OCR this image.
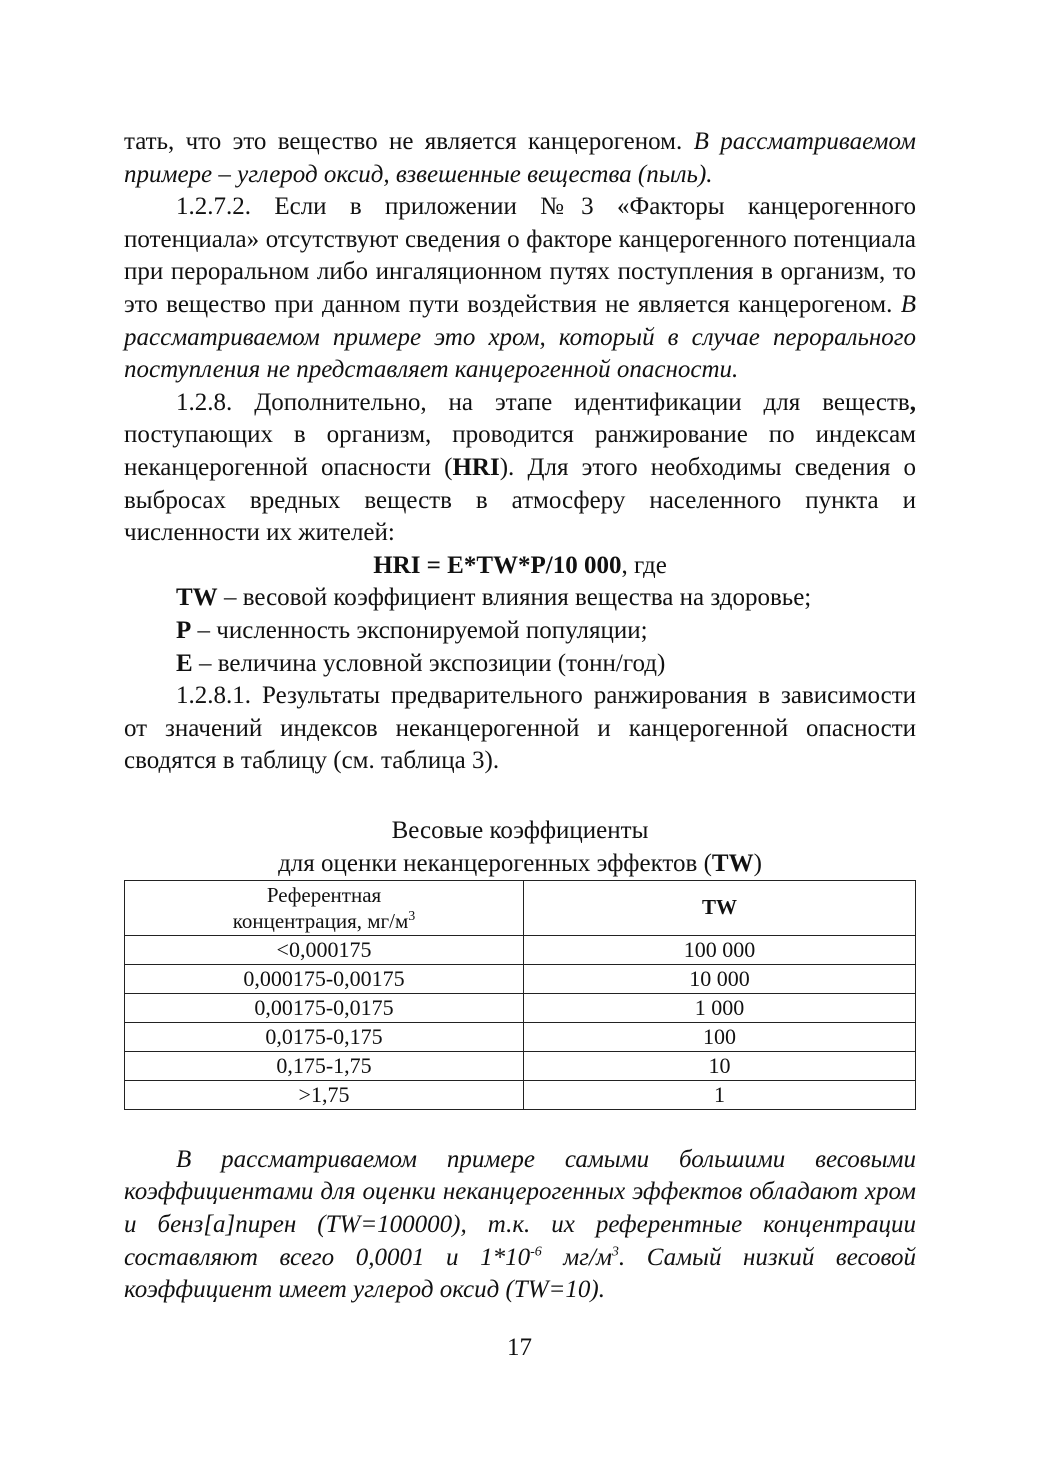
тать, что это вещество не является канцерогеном. В рассматриваемом примере – углерод оксид, взвешенные вещества (пыль).

1.2.7.2. Если в приложении №3 «Факторы канцерогенного потенциала» отсутствуют сведения о факторе канцерогенного потенциала при пероральном либо ингаляционном путях поступления в организм, то это вещество при данном пути воздействия не является канцерогеном. В рассматриваемом примере это хром, который в случае перорального поступления не представляет канцерогенной опасности.

1.2.8. Дополнительно, на этапе идентификации для веществ, поступающих в организм, проводится ранжирование по индексам неканцерогенной опасности (HRI). Для этого необходимы сведения о выбросах вредных веществ в атмосферу населенного пункта и численности их жителей:

HRI = E*TW*P/10 000, где

TW – весовой коэффициент влияния вещества на здоровье;

P – численность экспонируемой популяции;

E – величина условной экспозиции (тонн/год)

1.2.8.1. Результаты предварительного ранжирования в зависимости от значений индексов неканцерогенной и канцерогенной опасности сводятся в таблицу (см. таблица 3).

Весовые коэффициенты
для оценки неканцерогенных эффектов (TW)
Референтная
концентрация, $мг/м^3$	TW
<0,000175	100 000
0,000175-0,00175	10 000
0,00175-0,0175	1 000
0,0175-0,175	100
0,175-1,75	10
>1,75	1

В рассматриваемом примере самыми большими весовыми коэффициентами для оценки неканцерогенных эффектов обладают хром и бенз[а]пирен (TW=100000), т.к. их референтные концентрации составляют всего 0,0001 и $1*10^{-6}$ $мг/м^3$. Самый низкий весовой коэффициент имеет углерод оксид (TW=10).

17
